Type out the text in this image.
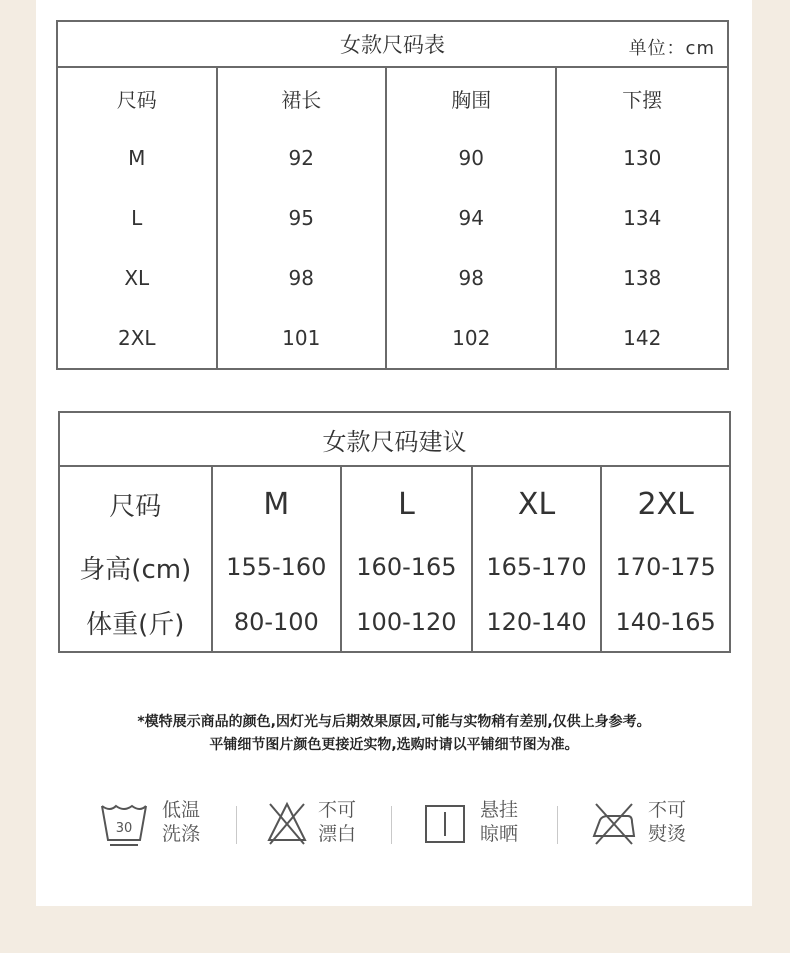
女款尺码表 单位：cm			

尺码	裙长	胸围	下摆
M	92	90	130
L	95	94	134
XL	98	98	138
2XL	101	102	142
女款尺码建议				
尺码	M	L	XL	2XL
身高(cm)	155-160	160-165	165-170	170-175
体重(斤)	80-100	100-120	120-140	140-165
*模特展示商品的颜色,因灯光与后期效果原因,可能与实物稍有差别,仅供上身参考。
平铺细节图片颜色更接近实物,选购时请以平铺细节图为准。
30
低温
洗涤
不可
漂白
悬挂
晾晒
不可
熨烫
